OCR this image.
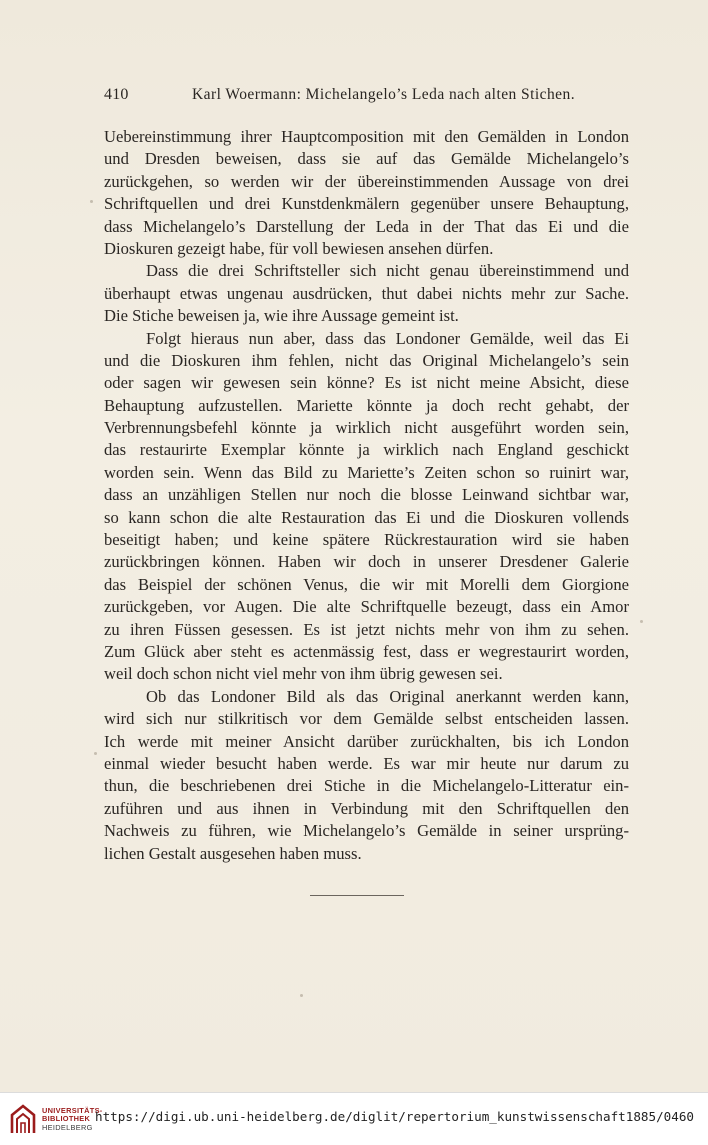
410	Karl Woermann: Michelangelo’s Leda nach alten Stichen.
Uebereinstimmung ihrer Hauptcomposition mit den Gemälden in London
und Dresden beweisen, dass sie auf das Gemälde Michelangelo’s
zurückgehen, so werden wir der übereinstimmenden Aussage von drei
Schriftquellen und drei Kunstdenkmälern gegenüber unsere Behauptung,
dass Michelangelo’s Darstellung der Leda in der That das Ei und die
Dioskuren gezeigt habe, für voll bewiesen ansehen dürfen.
Dass die drei Schriftsteller sich nicht genau übereinstimmend und
überhaupt etwas ungenau ausdrücken, thut dabei nichts mehr zur Sache.
Die Stiche beweisen ja, wie ihre Aussage gemeint ist.
Folgt hieraus nun aber, dass das Londoner Gemälde, weil das Ei
und die Dioskuren ihm fehlen, nicht das Original Michelangelo’s sein
oder sagen wir gewesen sein könne? Es ist nicht meine Absicht, diese
Behauptung aufzustellen. Mariette könnte ja doch recht gehabt, der
Verbrennungsbefehl könnte ja wirklich nicht ausgeführt worden sein,
das restaurirte Exemplar könnte ja wirklich nach England geschickt
worden sein. Wenn das Bild zu Mariette’s Zeiten schon so ruinirt war,
dass an unzähligen Stellen nur noch die blosse Leinwand sichtbar war,
so kann schon die alte Restauration das Ei und die Dioskuren vollends
beseitigt haben; und keine spätere Rückrestauration wird sie haben
zurückbringen können. Haben wir doch in unserer Dresdener Galerie
das Beispiel der schönen Venus, die wir mit Morelli dem Giorgione
zurückgeben, vor Augen. Die alte Schriftquelle bezeugt, dass ein Amor
zu ihren Füssen gesessen. Es ist jetzt nichts mehr von ihm zu sehen.
Zum Glück aber steht es actenmässig fest, dass er wegrestaurirt worden,
weil doch schon nicht viel mehr von ihm übrig gewesen sei.
Ob das Londoner Bild als das Original anerkannt werden kann,
wird sich nur stilkritisch vor dem Gemälde selbst entscheiden lassen.
Ich werde mit meiner Ansicht darüber zurückhalten, bis ich London
einmal wieder besucht haben werde. Es war mir heute nur darum zu
thun, die beschriebenen drei Stiche in die Michelangelo-Litteratur ein-
zuführen und aus ihnen in Verbindung mit den Schriftquellen den
Nachweis zu führen, wie Michelangelo’s Gemälde in seiner ursprüng-
lichen Gestalt ausgesehen haben muss.
UNIVERSITÄTS-
BIBLIOTHEK
HEIDELBERG
https://digi.ub.uni-heidelberg.de/diglit/repertorium_kunstwissenschaft1885/0460
